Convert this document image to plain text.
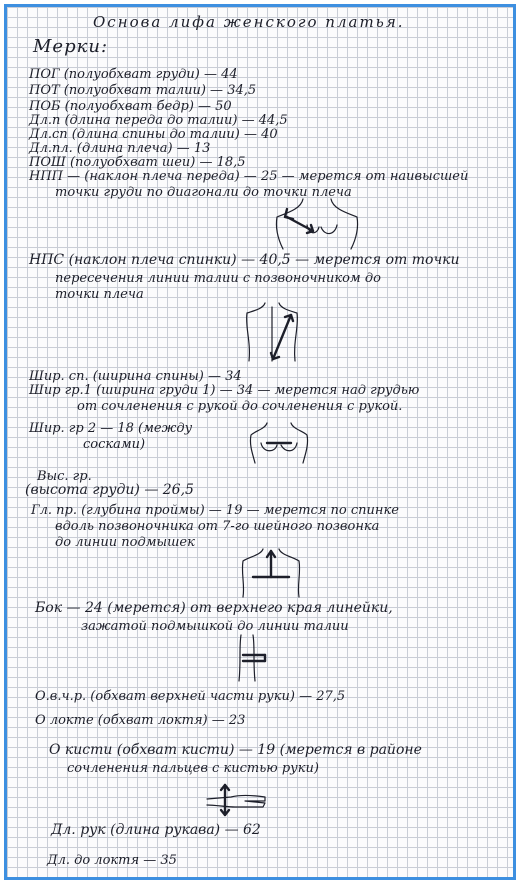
Основа лифа женского платья.
Мерки:
ПОГ (полуобхват груди) — 44
ПОТ (полуобхват талии) — 34,5
ПОБ (полуобхват бедр) — 50
Дл.п (длина переда до талии) — 44,5
Дл.сп (длина спины до талии) — 40
Дл.пл. (длина плеча) — 13
ПОШ (полуобхват шеи) — 18,5
НПП — (наклон плеча переда) — 25 — мерется от наивысшей
точки груди по диагонали до точки плеча
НПС (наклон плеча спинки) — 40,5 — мерется от точки
пересечения линии талии с позвоночником до
точки плеча
Шир. сп. (ширина спины) — 34
Шир гр.1 (ширина груди 1) — 34 — мерется над грудью
от сочленения с рукой до сочленения с рукой.
Шир. гр 2 — 18 (между
сосками)
Выс. гр.
(высота груди) — 26,5
Гл. пр. (глубина проймы) — 19 — мерется по спинке
вдоль позвоночника от 7-го шейного позвонка
до линии подмышек
Бок — 24 (мерется) от верхнего края линейки,
зажатой подмышкой до линии талии
О.в.ч.р. (обхват верхней части руки) — 27,5
О локте (обхват локтя) — 23
О кисти (обхват кисти) — 19 (мерется в районе
сочленения пальцев с кистью руки)
Дл. рук (длина рукава) — 62
Дл. до локтя — 35
